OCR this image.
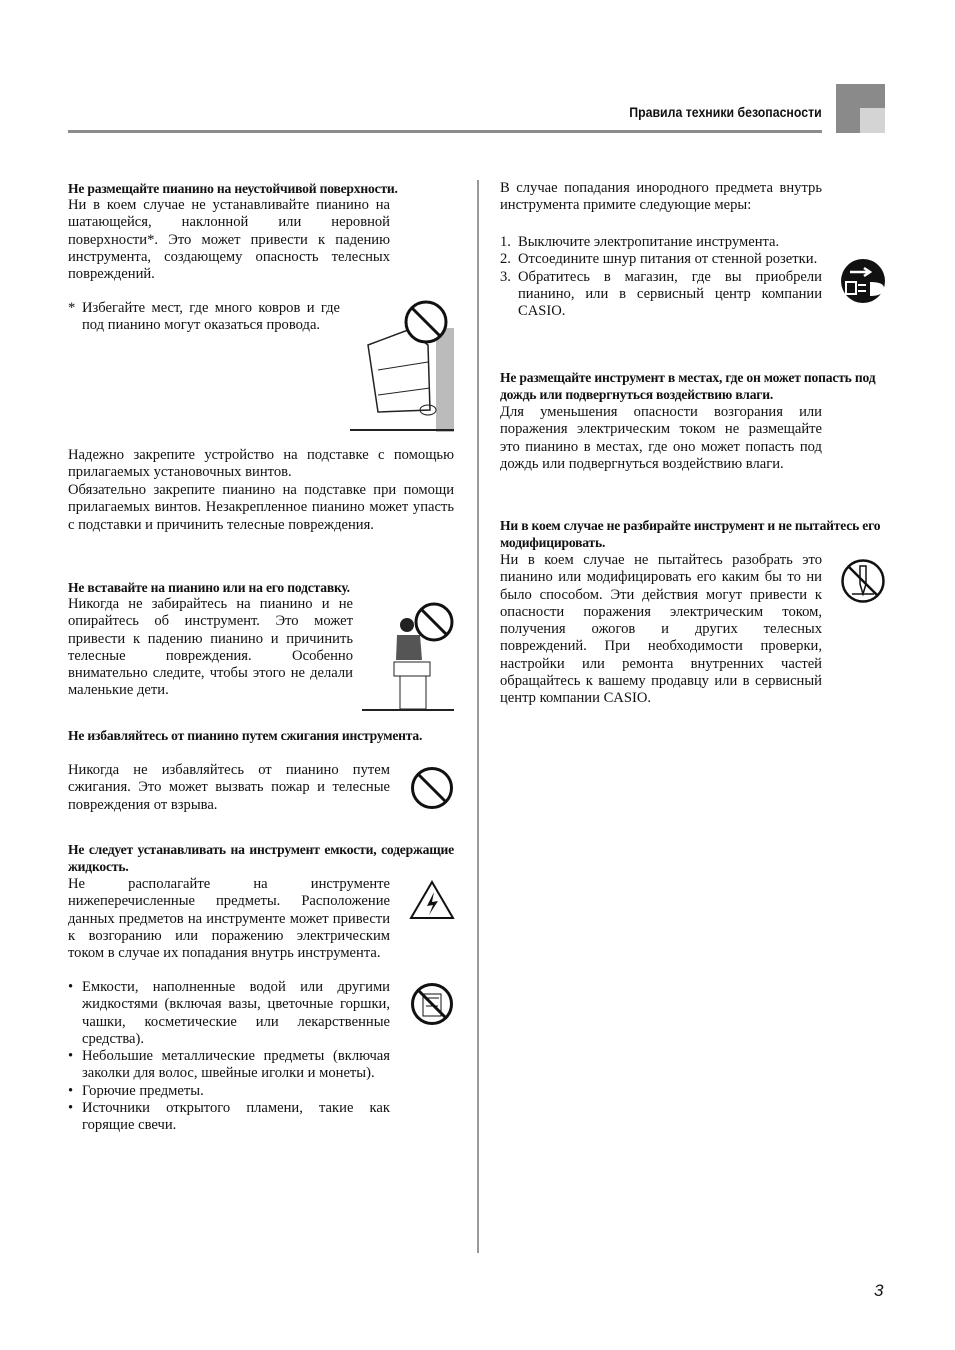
Правила техники безопасности
Не размещайте пианино на неустойчивой поверхности.
Ни в коем случае не устанавливайте пианино на шатающейся, наклонной или неровной поверхности*. Это может привести к падению инструмента, создающему опасность телесных повреждений.
* Избегайте мест, где много ковров и где под пианино могут оказаться провода.
Надежно закрепите устройство на подставке с помощью прилагаемых установочных винтов.
Обязательно закрепите пианино на подставке при помощи прилагаемых винтов. Незакрепленное пианино может упасть с подставки и причинить телесные повреждения.
Не вставайте на пианино или на его подставку.
Никогда не забирайтесь на пианино и не опирайтесь об инструмент. Это может привести к падению пианино и причинить телесные повреждения. Особенно внимательно следите, чтобы этого не делали маленькие дети.
Не избавляйтесь от пианино путем сжигания инструмента.
Никогда не избавляйтесь от пианино путем сжигания. Это может вызвать пожар и телесные повреждения от взрыва.
Не следует устанавливать на инструмент емкости, содержащие жидкость.
Не располагайте на инструменте нижеперечисленные предметы. Расположение данных предметов на инструменте может привести к возгоранию или поражению электрическим током в случае их попадания внутрь инструмента.
• Емкости, наполненные водой или другими жидкостями (включая вазы, цветочные горшки, чашки, косметические или лекарственные средства).
• Небольшие металлические предметы (включая заколки для волос, швейные иголки и монеты).
• Горючие предметы.
• Источники открытого пламени, такие как горящие свечи.
В случае попадания инородного предмета внутрь инструмента примите следующие меры:
1. Выключите электропитание инструмента.
2. Отсоедините шнур питания от стенной розетки.
3. Обратитесь в магазин, где вы приобрели пианино, или в сервисный центр компании CASIO.
Не размещайте инструмент в местах, где он может попасть под дождь или подвергнуться воздействию влаги.
Для уменьшения опасности возгорания или поражения электрическим током не размещайте это пианино в местах, где оно может попасть под дождь или подвергнуться воздействию влаги.
Ни в коем случае не разбирайте инструмент и не пытайтесь его модифицировать.
Ни в коем случае не пытайтесь разобрать это пианино или модифицировать его каким бы то ни было способом. Эти действия могут привести к опасности поражения электрическим током, получения ожогов и других телесных повреждений. При необходимости проверки, настройки или ремонта внутренних частей обращайтесь к вашему продавцу или в сервисный центр компании CASIO.
3
